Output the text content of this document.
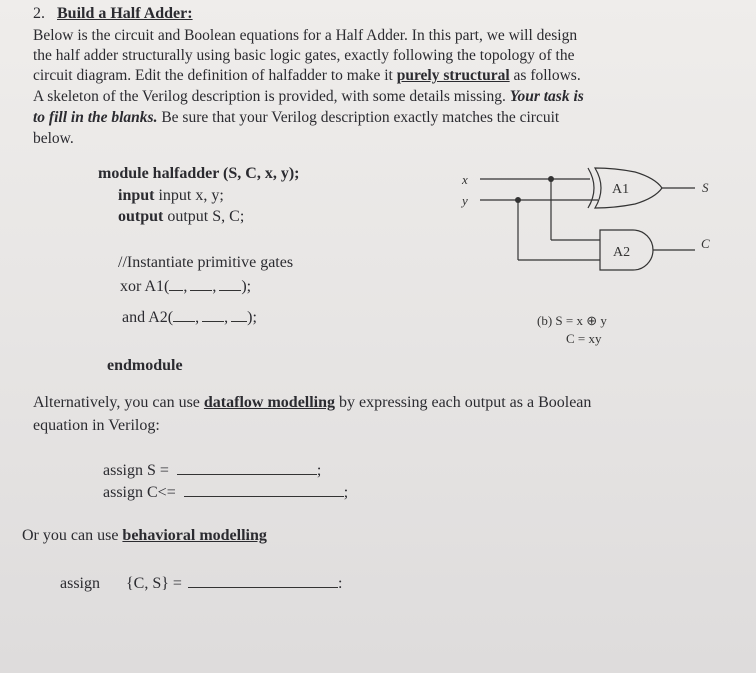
2. Build a Half Adder:
Below is the circuit and Boolean equations for a Half Adder. In this part, we will design
the half adder structurally using basic logic gates, exactly following the topology of the
circuit diagram. Edit the definition of halfadder to make it purely structural as follows.
A skeleton of the Verilog description is provided, with some details missing. Your task is
to fill in the blanks. Be sure that your Verilog description exactly matches the circuit
below.
module halfadder (S, C, x, y);
input input x, y;
output output S, C;
//Instantiate primitive gates
xor A1( , , );
and A2( , , );
endmodule
x
y
A1
A2
S
C
(b) S = x ⊕ y
C = xy
Alternatively, you can use dataflow modelling by expressing each output as a Boolean
equation in Verilog:
assign S =	;
assign C<=	;
Or you can use behavioral modelling
assign {C, S} =	:
